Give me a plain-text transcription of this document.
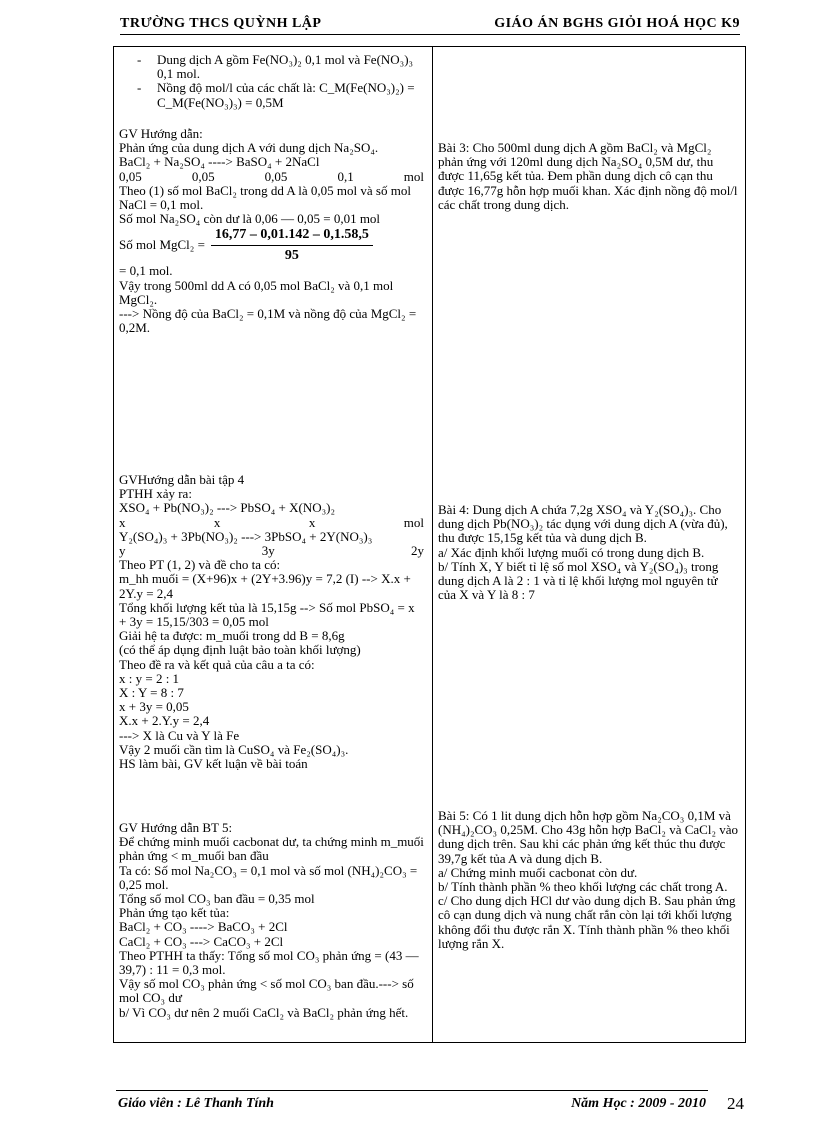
TRƯỜNG THCS QUỲNH LẬP	GIÁO ÁN BGHS GIỎI HOÁ HỌC K9

- Dung dịch A gồm Fe(NO₃)₂ 0,1 mol và Fe(NO₃)₃ 0,1 mol.

- Nồng độ mol/l của các chất là: C_M(Fe(NO₃)₂) = C_M(Fe(NO₃)₃) = 0,5M

GV Hướng dẫn:

Phản ứng của dung dịch A với dung dịch Na₂SO₄.

BaCl₂ + Na₂SO₄ ----> BaSO₄ + 2NaCl

0,05	0,05	0,05	0,1	mol

Theo (1) số mol BaCl₂ trong dd A là 0,05 mol và số mol NaCl = 0,1 mol.

Số mol Na₂SO₄ còn dư là 0,06 — 0,05 = 0,01 mol

Số mol MgCl₂ = $\frac{16,77 - 0,01.142 - 0,1.58,5}{95}$

= 0,1 mol.

Vậy trong 500ml dd A có 0,05 mol BaCl₂ và 0,1 mol MgCl₂.

---> Nồng độ của BaCl₂ = 0,1M và nồng độ của MgCl₂ = 0,2M.

GVHướng dẫn bài tập 4

PTHH xảy ra:

XSO₄ + Pb(NO₃)₂ ---> PbSO₄ + X(NO₃)₂

x	x	x	mol

Y₂(SO₄)₃ + 3Pb(NO₃)₂ ---> 3PbSO₄ + 2Y(NO₃)₃

y	3y	2y

Theo PT (1, 2) và đề cho ta có:

m_hh muối = (X+96)x + (2Y+3.96)y = 7,2 (I) --> X.x + 2Y.y = 2,4

Tổng khối lượng kết tủa là 15,15g --> Số mol PbSO₄ = x + 3y = 15,15/303 = 0,05 mol

Giải hệ ta được: m_muối trong dd B = 8,6g

(có thể áp dụng định luật bảo toàn khối lượng)

Theo đề ra và kết quả của câu a ta có:

x : y = 2 : 1

X : Y = 8 : 7

x + 3y = 0,05

X.x + 2.Y.y = 2,4

---> X là Cu và Y là Fe

Vậy 2 muối cần tìm là CuSO₄ và Fe₂(SO₄)₃.

HS làm bài, GV kết luận về bài toán

GV Hướng dẫn BT 5:

Để chứng minh muối cacbonat dư, ta chứng minh m_muối phản ứng < m_muối ban đầu

Ta có: Số mol Na₂CO₃ = 0,1 mol và số mol (NH₄)₂CO₃ = 0,25 mol.

Tổng số mol CO₃ ban đầu = 0,35 mol

Phản ứng tạo kết tủa:

BaCl₂ + CO₃ ----> BaCO₃ + 2Cl

CaCl₂ + CO₃ ---> CaCO₃ + 2Cl

Theo PTHH ta thấy: Tổng số mol CO₃ phản ứng = (43 — 39,7) : 11 = 0,3 mol.

Vậy số mol CO₃ phản ứng < số mol CO₃ ban đầu.---> số mol CO₃ dư

b/ Vì CO₃ dư nên 2 muối CaCl₂ và BaCl₂ phản ứng hết.

Bài 3: Cho 500ml dung dịch A gồm BaCl₂ và MgCl₂ phản ứng với 120ml dung dịch Na₂SO₄ 0,5M dư, thu được 11,65g kết tủa. Đem phần dung dịch cô cạn thu được 16,77g hỗn hợp muối khan. Xác định nồng độ mol/l các chất trong dung dịch.

Bài 4: Dung dịch A chứa 7,2g XSO₄ và Y₂(SO₄)₃. Cho dung dịch Pb(NO₃)₂ tác dụng với dung dịch A (vừa đủ), thu được 15,15g kết tủa và dung dịch B.

a/ Xác định khối lượng muối có trong dung dịch B.

b/ Tính X, Y biết tỉ lệ số mol XSO₄ và Y₂(SO₄)₃ trong dung dịch A là 2 : 1 và tỉ lệ khối lượng mol nguyên tử của X và Y là 8 : 7

Bài 5: Có 1 lit dung dịch hỗn hợp gồm Na₂CO₃ 0,1M và (NH₄)₂CO₃ 0,25M. Cho 43g hỗn hợp BaCl₂ và CaCl₂ vào dung dịch trên. Sau khi các phản ứng kết thúc thu được 39,7g kết tủa A và dung dịch B.

a/ Chứng minh muối cacbonat còn dư.

b/ Tính thành phần % theo khối lượng các chất trong A.

c/ Cho dung dịch HCl dư vào dung dịch B. Sau phản ứng cô cạn dung dịch và nung chất rắn còn lại tới khối lượng không đổi thu được rắn X. Tính thành phần % theo khối lượng rắn X.

Giáo viên : Lê Thanh Tính	Năm Học : 2009 - 2010 24
